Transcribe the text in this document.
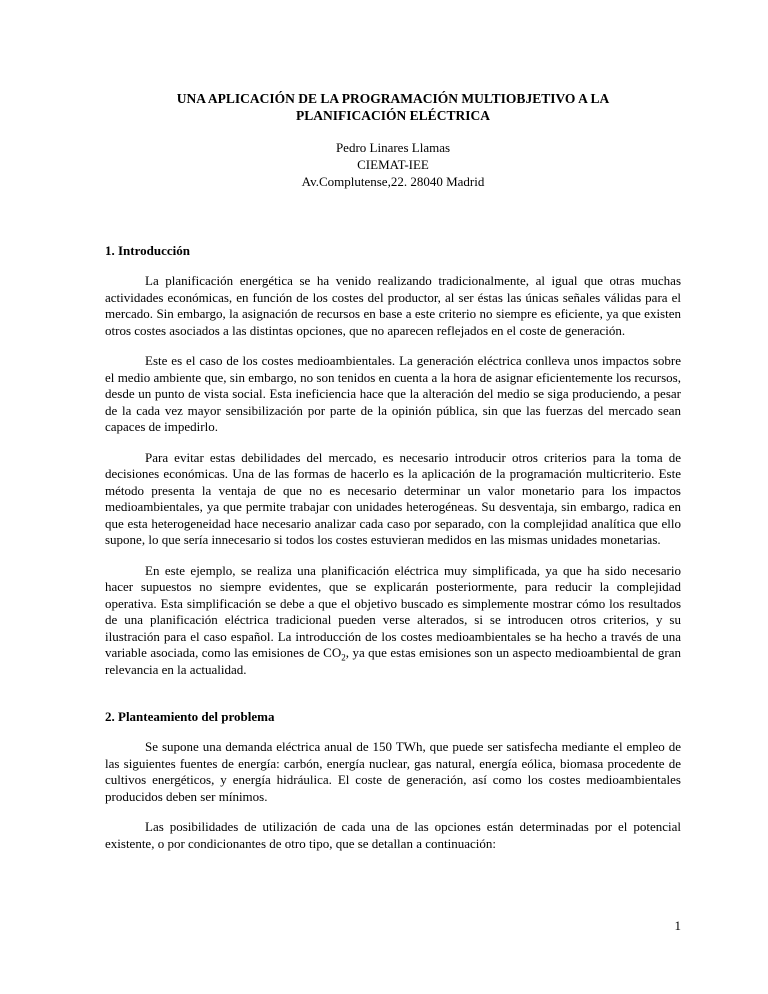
UNA APLICACIÓN DE LA PROGRAMACIÓN MULTIOBJETIVO A LA
PLANIFICACIÓN ELÉCTRICA
Pedro Linares Llamas
CIEMAT-IEE
Av.Complutense,22. 28040 Madrid
1. Introducción

La planificación energética se ha venido realizando tradicionalmente, al igual que otras muchas actividades económicas, en función de los costes del productor, al ser éstas las únicas señales válidas para el mercado. Sin embargo, la asignación de recursos en base a este criterio no siempre es eficiente, ya que existen otros costes asociados a las distintas opciones, que no aparecen reflejados en el coste de generación.

Este es el caso de los costes medioambientales. La generación eléctrica conlleva unos impactos sobre el medio ambiente que, sin embargo, no son tenidos en cuenta a la hora de asignar eficientemente los recursos, desde un punto de vista social. Esta ineficiencia hace que la alteración del medio se siga produciendo, a pesar de la cada vez mayor sensibilización por parte de la opinión pública, sin que las fuerzas del mercado sean capaces de impedirlo.

Para evitar estas debilidades del mercado, es necesario introducir otros criterios para la toma de decisiones económicas. Una de las formas de hacerlo es la aplicación de la programación multicriterio. Este método presenta la ventaja de que no es necesario determinar un valor monetario para los impactos medioambientales, ya que permite trabajar con unidades heterogéneas. Su desventaja, sin embargo, radica en que esta heterogeneidad hace necesario analizar cada caso por separado, con la complejidad analítica que ello supone, lo que sería innecesario si todos los costes estuvieran medidos en las mismas unidades monetarias.

En este ejemplo, se realiza una planificación eléctrica muy simplificada, ya que ha sido necesario hacer supuestos no siempre evidentes, que se explicarán posteriormente, para reducir la complejidad operativa. Esta simplificación se debe a que el objetivo buscado es simplemente mostrar cómo los resultados de una planificación eléctrica tradicional pueden verse alterados, si se introducen otros criterios, y su ilustración para el caso español. La introducción de los costes medioambientales se ha hecho a través de una variable asociada, como las emisiones de $CO_2$, ya que estas emisiones son un aspecto medioambiental de gran relevancia en la actualidad.

2. Planteamiento del problema

Se supone una demanda eléctrica anual de 150 TWh, que puede ser satisfecha mediante el empleo de las siguientes fuentes de energía: carbón, energía nuclear, gas natural, energía eólica, biomasa procedente de cultivos energéticos, y energía hidráulica. El coste de generación, así como los costes medioambientales producidos deben ser mínimos.

Las posibilidades de utilización de cada una de las opciones están determinadas por el potencial existente, o por condicionantes de otro tipo, que se detallan a continuación:

1
